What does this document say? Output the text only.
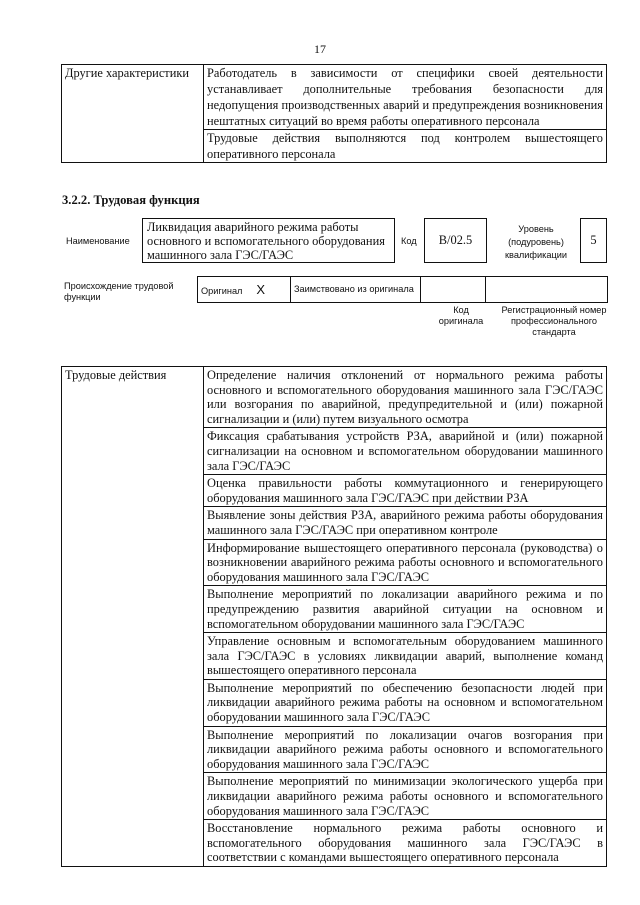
17
Другие характеристики	Работодатель в зависимости от специфики своей деятельности устанавливает дополнительные требования безопасности для недопущения производственных аварий и предупреждения возникновения нештатных ситуаций во время работы оперативного персонала
Трудовые действия выполняются под контролем вышестоящего оперативного персонала
3.2.2. Трудовая функция
Наименование
Ликвидация аварийного режима работы основного и вспомогательного оборудования машинного зала ГЭС/ГАЭС
Код B/02.5
Уровень (подуровень) квалификации
5
Происхождение трудовой функции
Оригинал X	Заимствовано из оригинала		
Код оригинала
Регистрационный номер профессионального стандарта
Трудовые действия	Определение наличия отклонений от нормального режима работы основного и вспомогательного оборудования машинного зала ГЭС/ГАЭС или возгорания по аварийной, предупредительной и (или) пожарной сигнализации и (или) путем визуального осмотра
Фиксация срабатывания устройств РЗА, аварийной и (или) пожарной сигнализации на основном и вспомогательном оборудовании машинного зала ГЭС/ГАЭС
Оценка правильности работы коммутационного и генерирующего оборудования машинного зала ГЭС/ГАЭС при действии РЗА
Выявление зоны действия РЗА, аварийного режима работы оборудования машинного зала ГЭС/ГАЭС при оперативном контроле
Информирование вышестоящего оперативного персонала (руководства) о возникновении аварийного режима работы основного и вспомогательного оборудования машинного зала ГЭС/ГАЭС
Выполнение мероприятий по локализации аварийного режима и по предупреждению развития аварийной ситуации на основном и вспомогательном оборудовании машинного зала ГЭС/ГАЭС
Управление основным и вспомогательным оборудованием машинного зала ГЭС/ГАЭС в условиях ликвидации аварий, выполнение команд вышестоящего оперативного персонала
Выполнение мероприятий по обеспечению безопасности людей при ликвидации аварийного режима работы на основном и вспомогательном оборудовании машинного зала ГЭС/ГАЭС
Выполнение мероприятий по локализации очагов возгорания при ликвидации аварийного режима работы основного и вспомогательного оборудования машинного зала ГЭС/ГАЭС
Выполнение мероприятий по минимизации экологического ущерба при ликвидации аварийного режима работы основного и вспомогательного оборудования машинного зала ГЭС/ГАЭС
Восстановление нормального режима работы основного и вспомогательного оборудования машинного зала ГЭС/ГАЭС в соответствии с командами вышестоящего оперативного персонала
